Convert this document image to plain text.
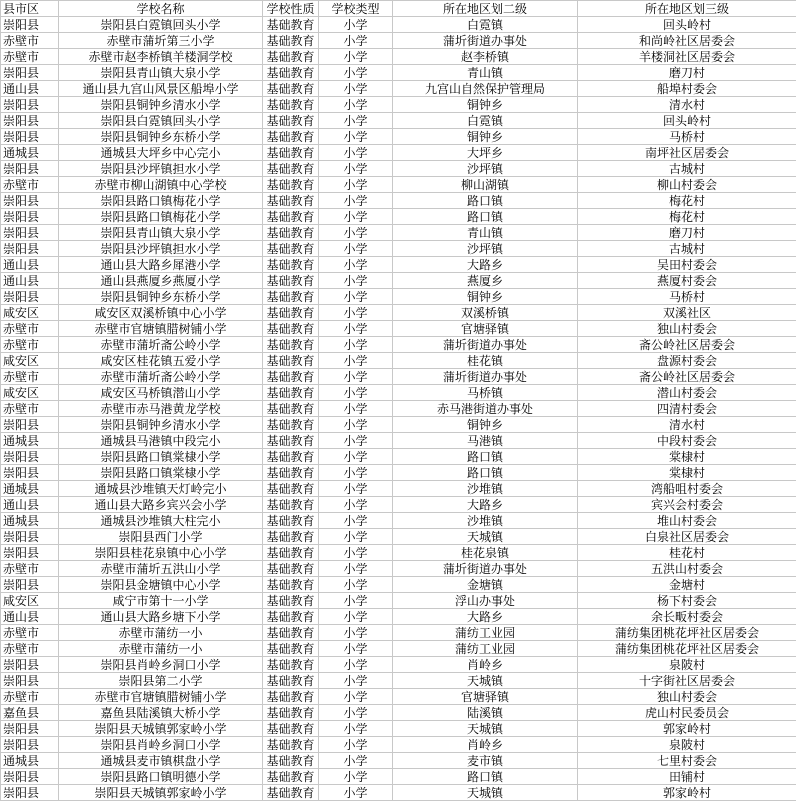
县市区	学校名称	学校性质	学校类型	所在地区划二级	所在地区划三级
崇阳县	崇阳县白霓镇回头小学	基础教育	小学	白霓镇	回头岭村
赤壁市	赤壁市蒲圻第三小学	基础教育	小学	蒲圻街道办事处	和尚岭社区居委会
赤壁市	赤壁市赵李桥镇羊楼洞学校	基础教育	小学	赵李桥镇	羊楼洞社区居委会
崇阳县	崇阳县青山镇大泉小学	基础教育	小学	青山镇	磨刀村
通山县	通山县九宫山风景区船埠小学	基础教育	小学	九宫山自然保护管理局	船埠村委会
崇阳县	崇阳县铜钟乡清水小学	基础教育	小学	铜钟乡	清水村
崇阳县	崇阳县白霓镇回头小学	基础教育	小学	白霓镇	回头岭村
崇阳县	崇阳县铜钟乡东桥小学	基础教育	小学	铜钟乡	马桥村
通城县	通城县大坪乡中心完小	基础教育	小学	大坪乡	南坪社区居委会
崇阳县	崇阳县沙坪镇担水小学	基础教育	小学	沙坪镇	古城村
赤壁市	赤壁市柳山湖镇中心学校	基础教育	小学	柳山湖镇	柳山村委会
崇阳县	崇阳县路口镇梅花小学	基础教育	小学	路口镇	梅花村
崇阳县	崇阳县路口镇梅花小学	基础教育	小学	路口镇	梅花村
崇阳县	崇阳县青山镇大泉小学	基础教育	小学	青山镇	磨刀村
崇阳县	崇阳县沙坪镇担水小学	基础教育	小学	沙坪镇	古城村
通山县	通山县大路乡犀港小学	基础教育	小学	大路乡	吴田村委会
通山县	通山县燕厦乡燕厦小学	基础教育	小学	燕厦乡	燕厦村委会
崇阳县	崇阳县铜钟乡东桥小学	基础教育	小学	铜钟乡	马桥村
咸安区	咸安区双溪桥镇中心小学	基础教育	小学	双溪桥镇	双溪社区
赤壁市	赤壁市官塘镇腊树铺小学	基础教育	小学	官塘驿镇	独山村委会
赤壁市	赤壁市蒲圻斋公岭小学	基础教育	小学	蒲圻街道办事处	斋公岭社区居委会
咸安区	咸安区桂花镇五爱小学	基础教育	小学	桂花镇	盘源村委会
赤壁市	赤壁市蒲圻斋公岭小学	基础教育	小学	蒲圻街道办事处	斋公岭社区居委会
咸安区	咸安区马桥镇潜山小学	基础教育	小学	马桥镇	潜山村委会
赤壁市	赤壁市赤马港黄龙学校	基础教育	小学	赤马港街道办事处	四清村委会
崇阳县	崇阳县铜钟乡清水小学	基础教育	小学	铜钟乡	清水村
通城县	通城县马港镇中段完小	基础教育	小学	马港镇	中段村委会
崇阳县	崇阳县路口镇棠棣小学	基础教育	小学	路口镇	棠棣村
崇阳县	崇阳县路口镇棠棣小学	基础教育	小学	路口镇	棠棣村
通城县	通城县沙堆镇天灯岭完小	基础教育	小学	沙堆镇	湾船咀村委会
通山县	通山县大路乡宾兴会小学	基础教育	小学	大路乡	宾兴会村委会
通城县	通城县沙堆镇大柱完小	基础教育	小学	沙堆镇	堆山村委会
崇阳县	崇阳县西门小学	基础教育	小学	天城镇	白泉社区居委会
崇阳县	崇阳县桂花泉镇中心小学	基础教育	小学	桂花泉镇	桂花村
赤壁市	赤壁市蒲圻五洪山小学	基础教育	小学	蒲圻街道办事处	五洪山村委会
崇阳县	崇阳县金塘镇中心小学	基础教育	小学	金塘镇	金塘村
咸安区	咸宁市第十一小学	基础教育	小学	浮山办事处	杨下村委会
通山县	通山县大路乡塘下小学	基础教育	小学	大路乡	余长畈村委会
赤壁市	赤壁市蒲纺一小	基础教育	小学	蒲纺工业园	蒲纺集团桃花坪社区居委会
赤壁市	赤壁市蒲纺一小	基础教育	小学	蒲纺工业园	蒲纺集团桃花坪社区居委会
崇阳县	崇阳县肖岭乡洞口小学	基础教育	小学	肖岭乡	泉陂村
崇阳县	崇阳县第二小学	基础教育	小学	天城镇	十字街社区居委会
赤壁市	赤壁市官塘镇腊树铺小学	基础教育	小学	官塘驿镇	独山村委会
嘉鱼县	嘉鱼县陆溪镇大桥小学	基础教育	小学	陆溪镇	虎山村民委员会
崇阳县	崇阳县天城镇郭家岭小学	基础教育	小学	天城镇	郭家岭村
崇阳县	崇阳县肖岭乡洞口小学	基础教育	小学	肖岭乡	泉陂村
通城县	通城县麦市镇棋盘小学	基础教育	小学	麦市镇	七里村委会
崇阳县	崇阳县路口镇明德小学	基础教育	小学	路口镇	田铺村
崇阳县	崇阳县天城镇郭家岭小学	基础教育	小学	天城镇	郭家岭村
